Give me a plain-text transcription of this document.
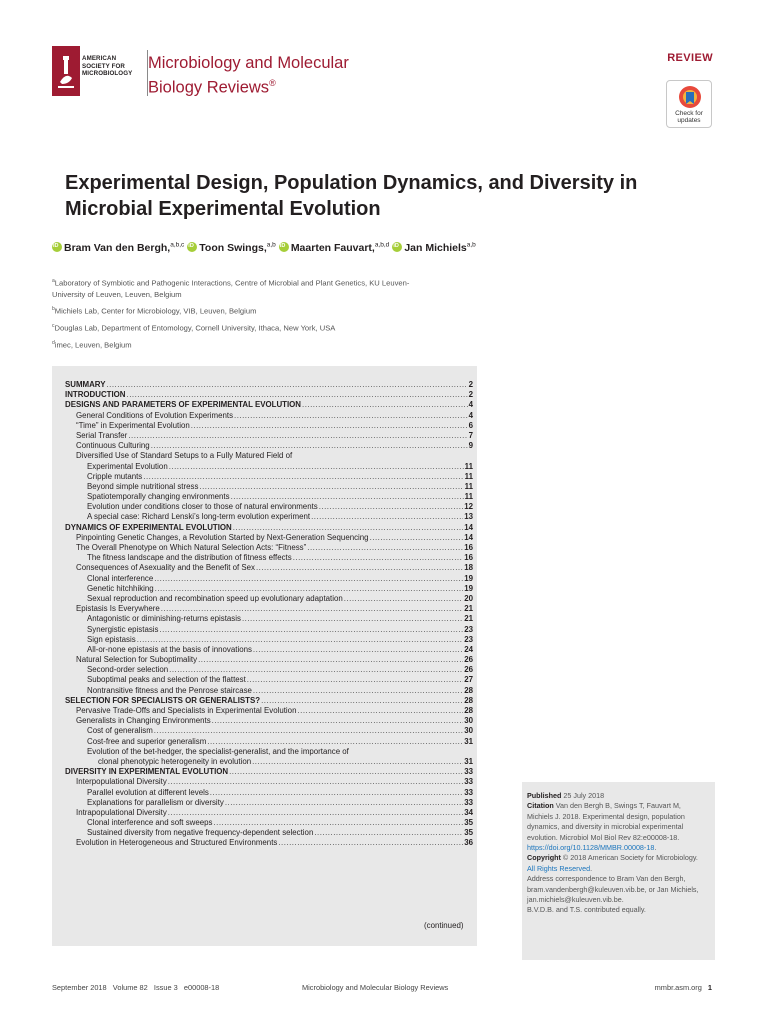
AMERICAN
SOCIETY FOR
MICROBIOLOGY
Microbiology and Molecular
Biology Reviews®
REVIEW
Check for
updates
Experimental Design, Population Dynamics, and Diversity in Microbial Experimental Evolution
iDBram Van den Bergh,$^{a,b,c}$ iD Toon Swings,$^{a,b}$ iD Maarten Fauvart,$^{a,b,d}$ iD Jan Michiels$^{a,b}$
$^a$Laboratory of Symbiotic and Pathogenic Interactions, Centre of Microbial and Plant Genetics, KU Leuven-
University of Leuven, Leuven, Belgium
$^b$Michiels Lab, Center for Microbiology, VIB, Leuven, Belgium
$^c$Douglas Lab, Department of Entomology, Cornell University, Ithaca, New York, USA
$^d$imec, Leuven, Belgium
SUMMARY .....	2
INTRODUCTION .....	2
DESIGNS AND PARAMETERS OF EXPERIMENTAL EVOLUTION .....	4
General Conditions of Evolution Experiments .....	4
“Time” in Experimental Evolution .....	6
Serial Transfer .....	7
Continuous Culturing .....	9
Diversified Use of Standard Setups to a Fully Matured Field of
Experimental Evolution .....	11
Cripple mutants .....	11
Beyond simple nutritional stress .....	11
Spatiotemporally changing environments .....	11
Evolution under conditions closer to those of natural environments .....	12
A special case: Richard Lenski’s long-term evolution experiment .....	13
DYNAMICS OF EXPERIMENTAL EVOLUTION .....	14
Pinpointing Genetic Changes, a Revolution Started by Next-Generation Sequencing .....	14
The Overall Phenotype on Which Natural Selection Acts: “Fitness” .....	16
The fitness landscape and the distribution of fitness effects .....	16
Consequences of Asexuality and the Benefit of Sex .....	18
Clonal interference .....	19
Genetic hitchhiking .....	19
Sexual reproduction and recombination speed up evolutionary adaptation .....	20
Epistasis Is Everywhere .....	21
Antagonistic or diminishing-returns epistasis .....	21
Synergistic epistasis .....	23
Sign epistasis .....	23
All-or-none epistasis at the basis of innovations .....	24
Natural Selection for Suboptimality .....	26
Second-order selection .....	26
Suboptimal peaks and selection of the flattest .....	27
Nontransitive fitness and the Penrose staircase .....	28
SELECTION FOR SPECIALISTS OR GENERALISTS? .....	28
Pervasive Trade-Offs and Specialists in Experimental Evolution .....	28
Generalists in Changing Environments .....	30
Cost of generalism .....	30
Cost-free and superior generalism .....	31
Evolution of the bet-hedger, the specialist-generalist, and the importance of
clonal phenotypic heterogeneity in evolution .....	31
DIVERSITY IN EXPERIMENTAL EVOLUTION .....	33
Interpopulational Diversity .....	33
Parallel evolution at different levels .....	33
Explanations for parallelism or diversity .....	33
Intrapopulational Diversity .....	34
Clonal interference and soft sweeps .....	35
Sustained diversity from negative frequency-dependent selection .....	35
Evolution in Heterogeneous and Structured Environments .....	36
(continued)
Published 25 July 2018
Citation Van den Bergh B, Swings T, Fauvart M, Michiels J. 2018. Experimental design, population dynamics, and diversity in microbial experimental evolution. Microbiol Mol Biol Rev 82:e00008-18. https://doi.org/10.1128/MMBR.00008-18.
Copyright © 2018 American Society for Microbiology. All Rights Reserved.
Address correspondence to Bram Van den Bergh, bram.vandenbergh@kuleuven.vib.be, or Jan Michiels, jan.michiels@kuleuven.vib.be.
B.V.D.B. and T.S. contributed equally.
September 2018   Volume 82   Issue 3   e00008-18	Microbiology and Molecular Biology Reviews	mmbr.asm.org 1
